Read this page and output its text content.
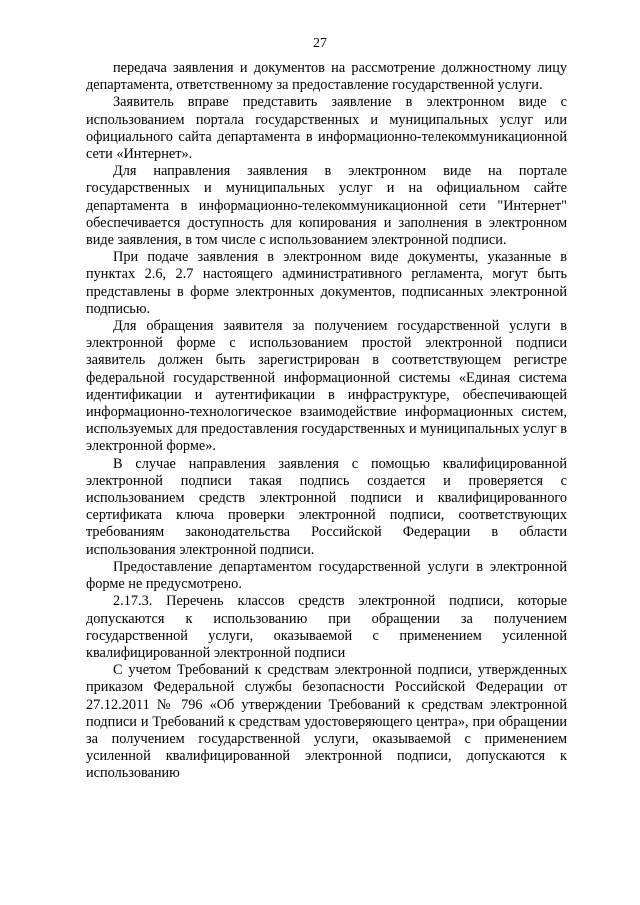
27

передача заявления и документов на рассмотрение должностному лицу департамента, ответственному за предоставление государственной услуги.

Заявитель вправе представить заявление в электронном виде с использованием портала государственных и муниципальных услуг или официального сайта департамента в информационно-телекоммуникационной сети «Интернет».

Для направления заявления в электронном виде на портале государственных и муниципальных услуг и на официальном сайте департамента в информационно-телекоммуникационной сети "Интернет" обеспечивается доступность для копирования и заполнения в электронном виде заявления, в том числе с использованием электронной подписи.

При подаче заявления в электронном виде документы, указанные в пунктах 2.6, 2.7 настоящего административного регламента, могут быть представлены в форме электронных документов, подписанных электронной подписью.

Для обращения заявителя за получением государственной услуги в электронной форме с использованием простой электронной подписи заявитель должен быть зарегистрирован в соответствующем регистре федеральной государственной информационной системы «Единая система идентификации и аутентификации в инфраструктуре, обеспечивающей информационно-технологическое взаимодействие информационных систем, используемых для предоставления государственных и муниципальных услуг в электронной форме».

В случае направления заявления с помощью квалифицированной электронной подписи такая подпись создается и проверяется с использованием средств электронной подписи и квалифицированного сертификата ключа проверки электронной подписи, соответствующих требованиям законодательства Российской Федерации в области использования электронной подписи.

Предоставление департаментом государственной услуги в электронной форме не предусмотрено.

2.17.3. Перечень классов средств электронной подписи, которые допускаются к использованию при обращении за получением государственной услуги, оказываемой с применением усиленной квалифицированной электронной подписи

С учетом Требований к средствам электронной подписи, утвержденных приказом Федеральной службы безопасности Российской Федерации от 27.12.2011 № 796 «Об утверждении Требований к средствам электронной подписи и Требований к средствам удостоверяющего центра», при обращении за получением государственной услуги, оказываемой с применением усиленной квалифицированной электронной подписи, допускаются к использованию
